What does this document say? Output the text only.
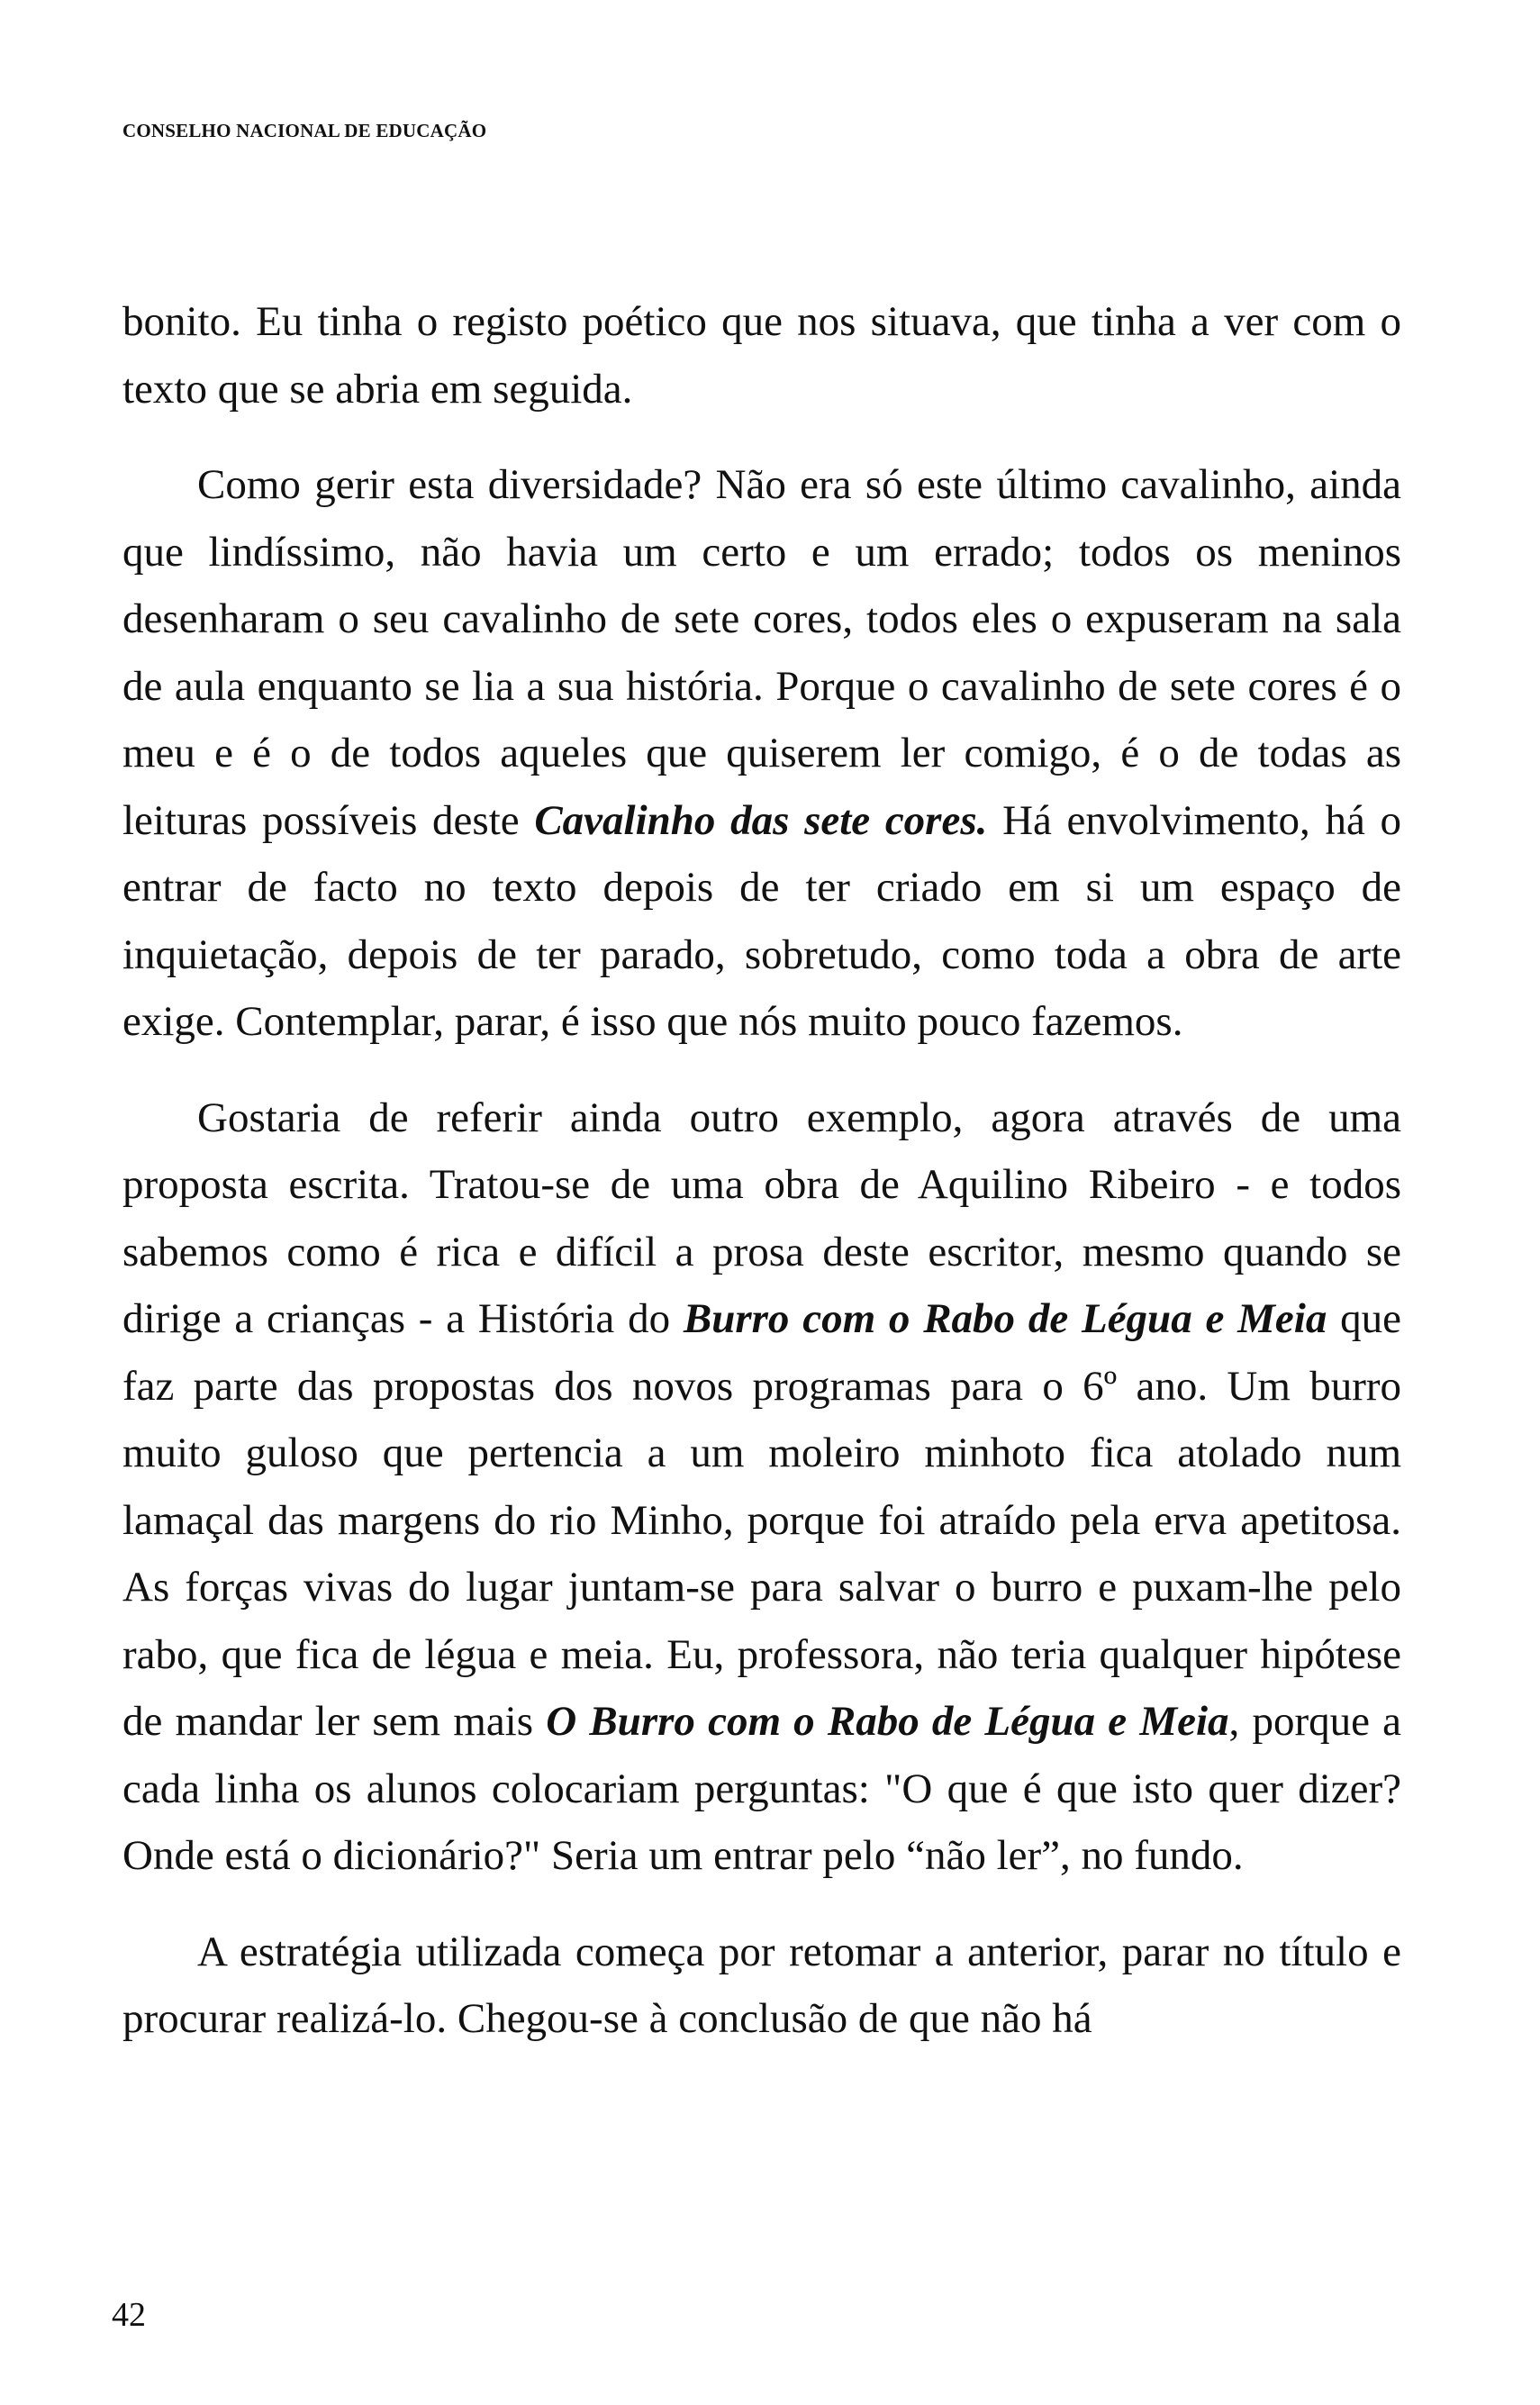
CONSELHO NACIONAL DE EDUCAÇÃO

bonito. Eu tinha o registo poético que nos situava, que tinha a ver com o texto que se abria em seguida.

Como gerir esta diversidade? Não era só este último cavalinho, ainda que lindíssimo, não havia um certo e um errado; todos os meninos desenharam o seu cavalinho de sete cores, todos eles o expuseram na sala de aula enquanto se lia a sua história. Porque o cavalinho de sete cores é o meu e é o de todos aqueles que quiserem ler comigo, é o de todas as leituras possíveis deste Cavalinho das sete cores. Há envolvimento, há o entrar de facto no texto depois de ter criado em si um espaço de inquietação, depois de ter parado, sobretudo, como toda a obra de arte exige. Contemplar, parar, é isso que nós muito pouco fazemos.

Gostaria de referir ainda outro exemplo, agora através de uma proposta escrita. Tratou-se de uma obra de Aquilino Ribeiro - e todos sabemos como é rica e difícil a prosa deste escritor, mesmo quando se dirige a crianças - a História do Burro com o Rabo de Légua e Meia que faz parte das propostas dos novos programas para o 6º ano. Um burro muito guloso que pertencia a um moleiro minhoto fica atolado num lamaçal das margens do rio Minho, porque foi atraído pela erva apetitosa. As forças vivas do lugar juntam-se para salvar o burro e puxam-lhe pelo rabo, que fica de légua e meia. Eu, professora, não teria qualquer hipótese de mandar ler sem mais O Burro com o Rabo de Légua e Meia, porque a cada linha os alunos colocariam perguntas: "O que é que isto quer dizer? Onde está o dicionário?" Seria um entrar pelo “não ler”, no fundo.

A estratégia utilizada começa por retomar a anterior, parar no título e procurar realizá-lo. Chegou-se à conclusão de que não há

42
